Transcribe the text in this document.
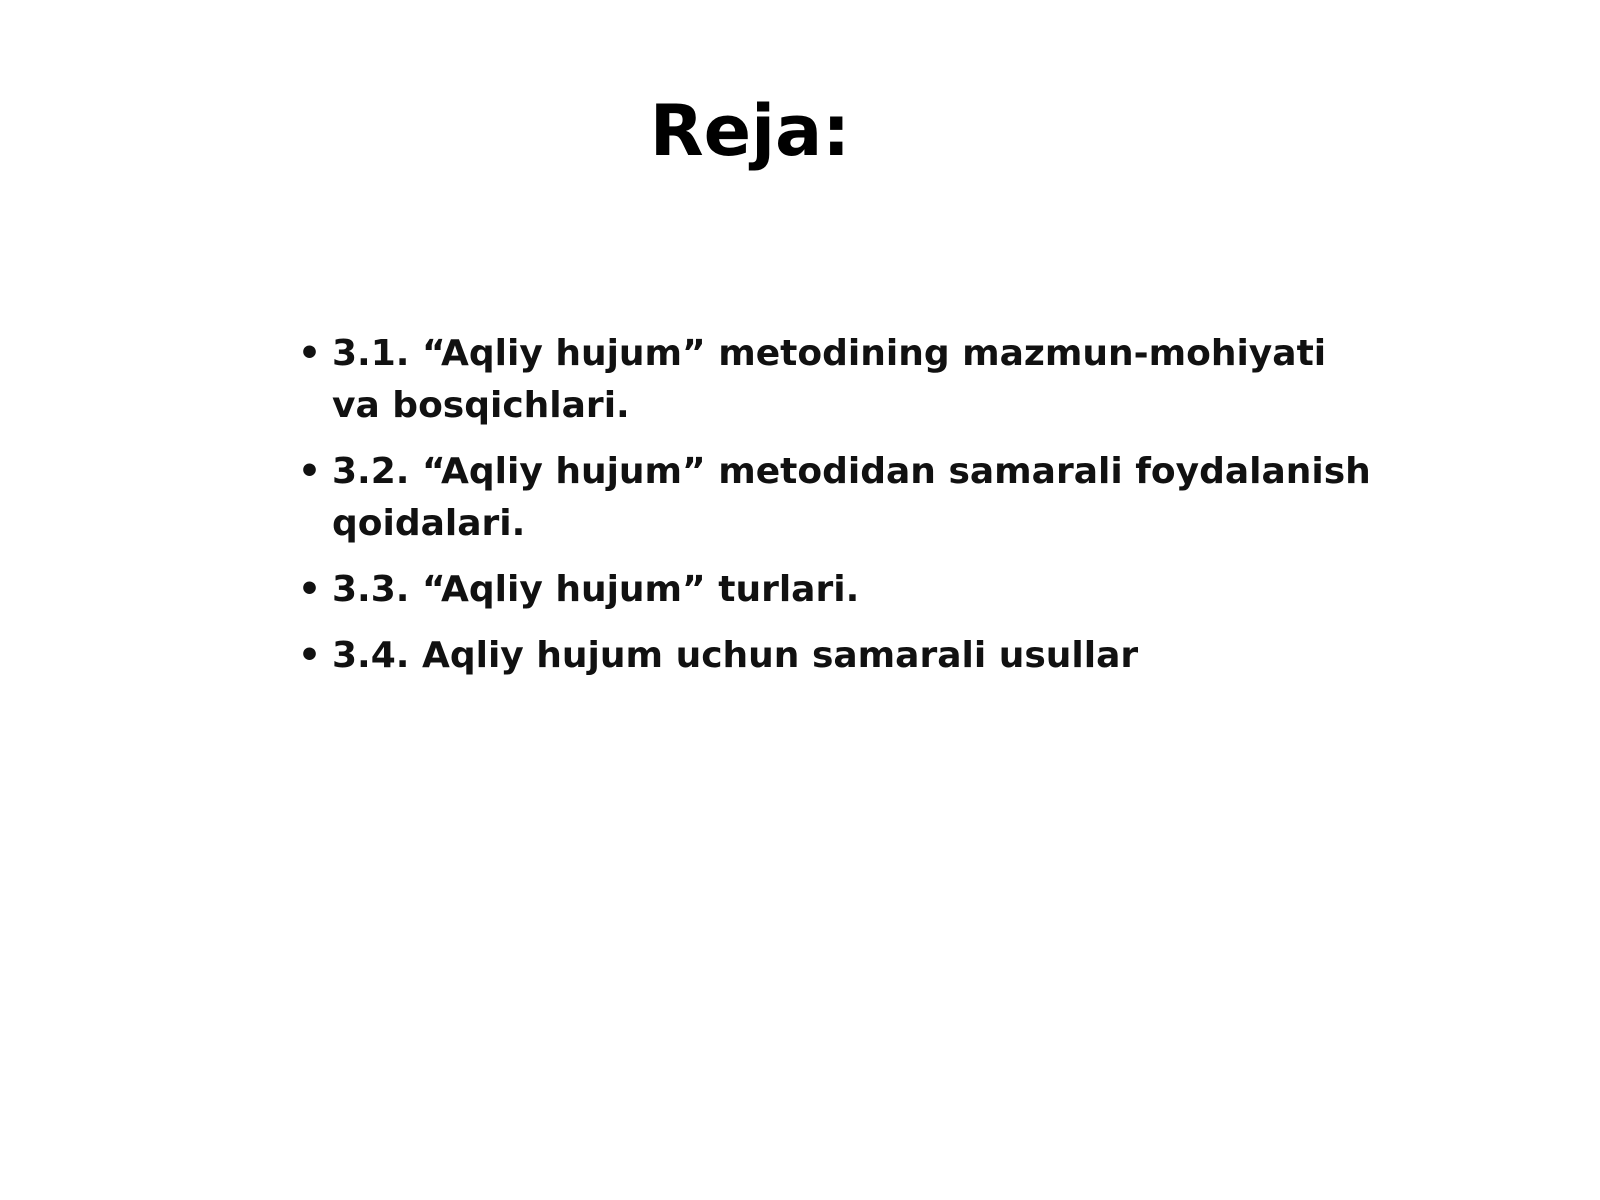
Reja:
• 3.1. “Aqliy hujum” metodining mazmun-mohiyati va bosqichlari.
• 3.2. “Aqliy hujum” metodidan samarali foydalanish qoidalari.
• 3.3. “Aqliy hujum” turlari.
• 3.4. Aqliy hujum uchun samarali usullar
